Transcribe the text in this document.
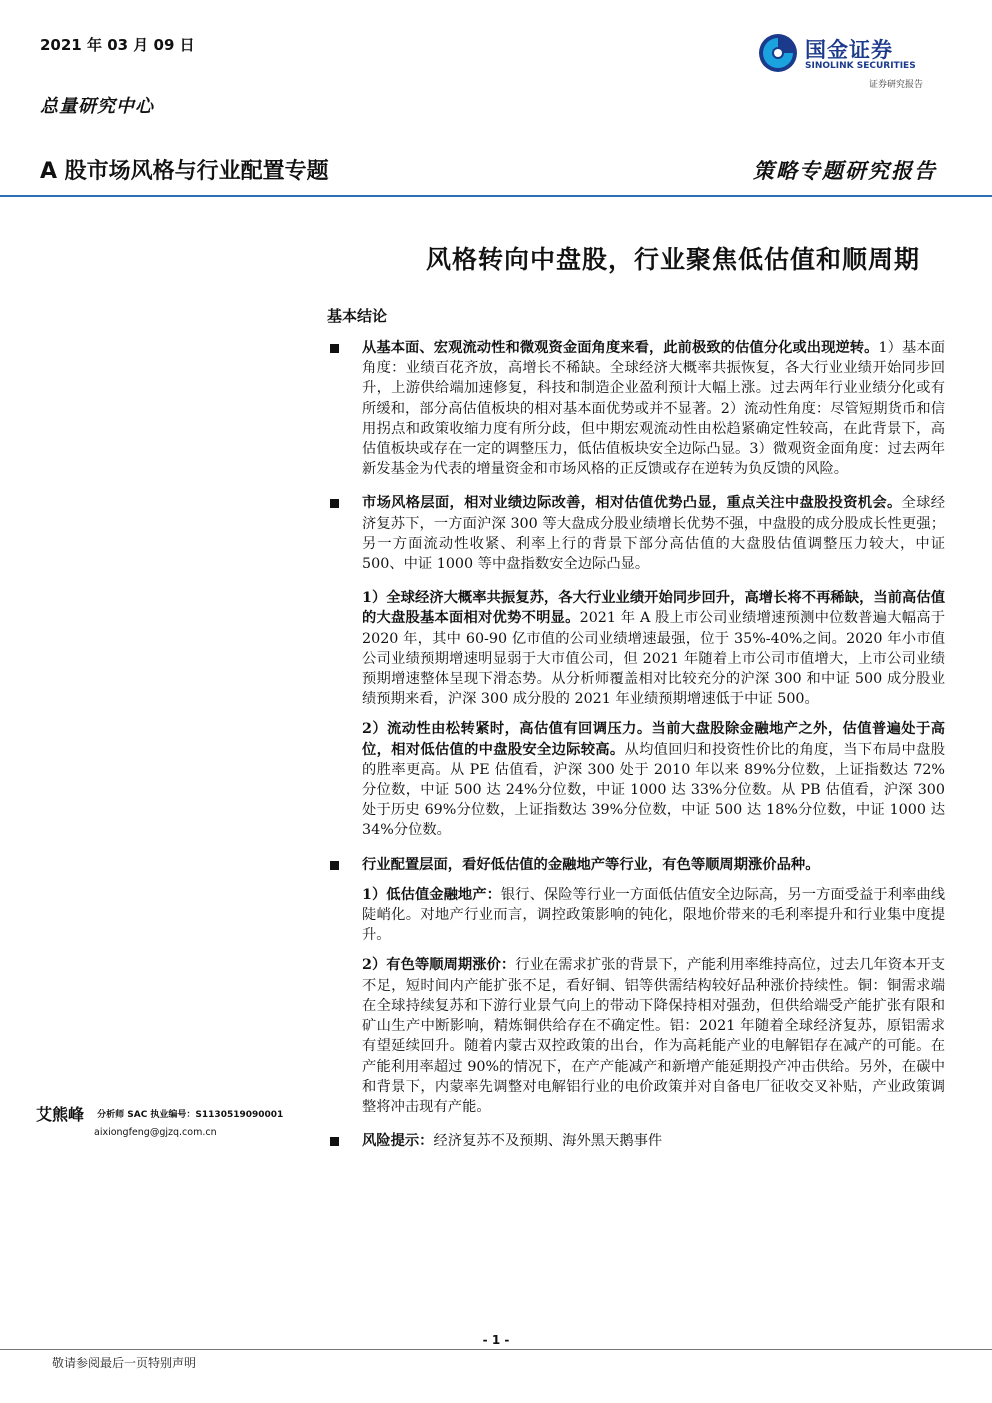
2021 年 03 月 09 日
总量研究中心
国金证券
SINOLINK SECURITIES
证券研究报告
A 股市场风格与行业配置专题	策略专题研究报告
风格转向中盘股，行业聚焦低估值和顺周期
基本结论
从基本面、宏观流动性和微观资金面角度来看，此前极致的估值分化或出现逆转。1）基本面角度：业绩百花齐放，高增长不稀缺。全球经济大概率共振恢复，各大行业业绩开始同步回升，上游供给端加速修复，科技和制造企业盈利预计大幅上涨。过去两年行业业绩分化或有所缓和，部分高估值板块的相对基本面优势或并不显著。2）流动性角度：尽管短期货币和信用拐点和政策收缩力度有所分歧，但中期宏观流动性由松趋紧确定性较高，在此背景下，高估值板块或存在一定的调整压力，低估值板块安全边际凸显。3）微观资金面角度：过去两年新发基金为代表的增量资金和市场风格的正反馈或存在逆转为负反馈的风险。
市场风格层面，相对业绩边际改善，相对估值优势凸显，重点关注中盘股投资机会。全球经济复苏下，一方面沪深 300 等大盘成分股业绩增长优势不强，中盘股的成分股成长性更强；另一方面流动性收紧、利率上行的背景下部分高估值的大盘股估值调整压力较大，中证 500、中证 1000 等中盘指数安全边际凸显。
1）全球经济大概率共振复苏，各大行业业绩开始同步回升，高增长将不再稀缺，当前高估值的大盘股基本面相对优势不明显。2021 年 A 股上市公司业绩增速预测中位数普遍大幅高于 2020 年，其中 60-90 亿市值的公司业绩增速最强，位于 35%-40%之间。2020 年小市值公司业绩预期增速明显弱于大市值公司，但 2021 年随着上市公司市值增大，上市公司业绩预期增速整体呈现下滑态势。从分析师覆盖相对比较充分的沪深 300 和中证 500 成分股业绩预期来看，沪深 300 成分股的 2021 年业绩预期增速低于中证 500。
2）流动性由松转紧时，高估值有回调压力。当前大盘股除金融地产之外，估值普遍处于高位，相对低估值的中盘股安全边际较高。从均值回归和投资性价比的角度，当下布局中盘股的胜率更高。从 PE 估值看，沪深 300 处于 2010 年以来 89%分位数，上证指数达 72%分位数，中证 500 达 24%分位数，中证 1000 达 33%分位数。从 PB 估值看，沪深 300 处于历史 69%分位数，上证指数达 39%分位数，中证 500 达 18%分位数，中证 1000 达 34%分位数。
行业配置层面，看好低估值的金融地产等行业，有色等顺周期涨价品种。
1）低估值金融地产：银行、保险等行业一方面低估值安全边际高，另一方面受益于利率曲线陡峭化。对地产行业而言，调控政策影响的钝化，限地价带来的毛利率提升和行业集中度提升。
2）有色等顺周期涨价：行业在需求扩张的背景下，产能利用率维持高位，过去几年资本开支不足，短时间内产能扩张不足，看好铜、铝等供需结构较好品种涨价持续性。铜：铜需求端在全球持续复苏和下游行业景气向上的带动下降保持相对强劲，但供给端受产能扩张有限和矿山生产中断影响，精炼铜供给存在不确定性。铝：2021 年随着全球经济复苏，原铝需求有望延续回升。随着内蒙古双控政策的出台，作为高耗能产业的电解铝存在减产的可能。在产能利用率超过 90%的情况下，在产产能减产和新增产能延期投产冲击供给。另外，在碳中和背景下，内蒙率先调整对电解铝行业的电价政策并对自备电厂征收交叉补贴，产业政策调整将冲击现有产能。
风险提示：经济复苏不及预期、海外黑天鹅事件
艾熊峰 分析师 SAC 执业编号：S1130519090001
aixiongfeng@gjzq.com.cn
- 1 -
敬请参阅最后一页特别声明
